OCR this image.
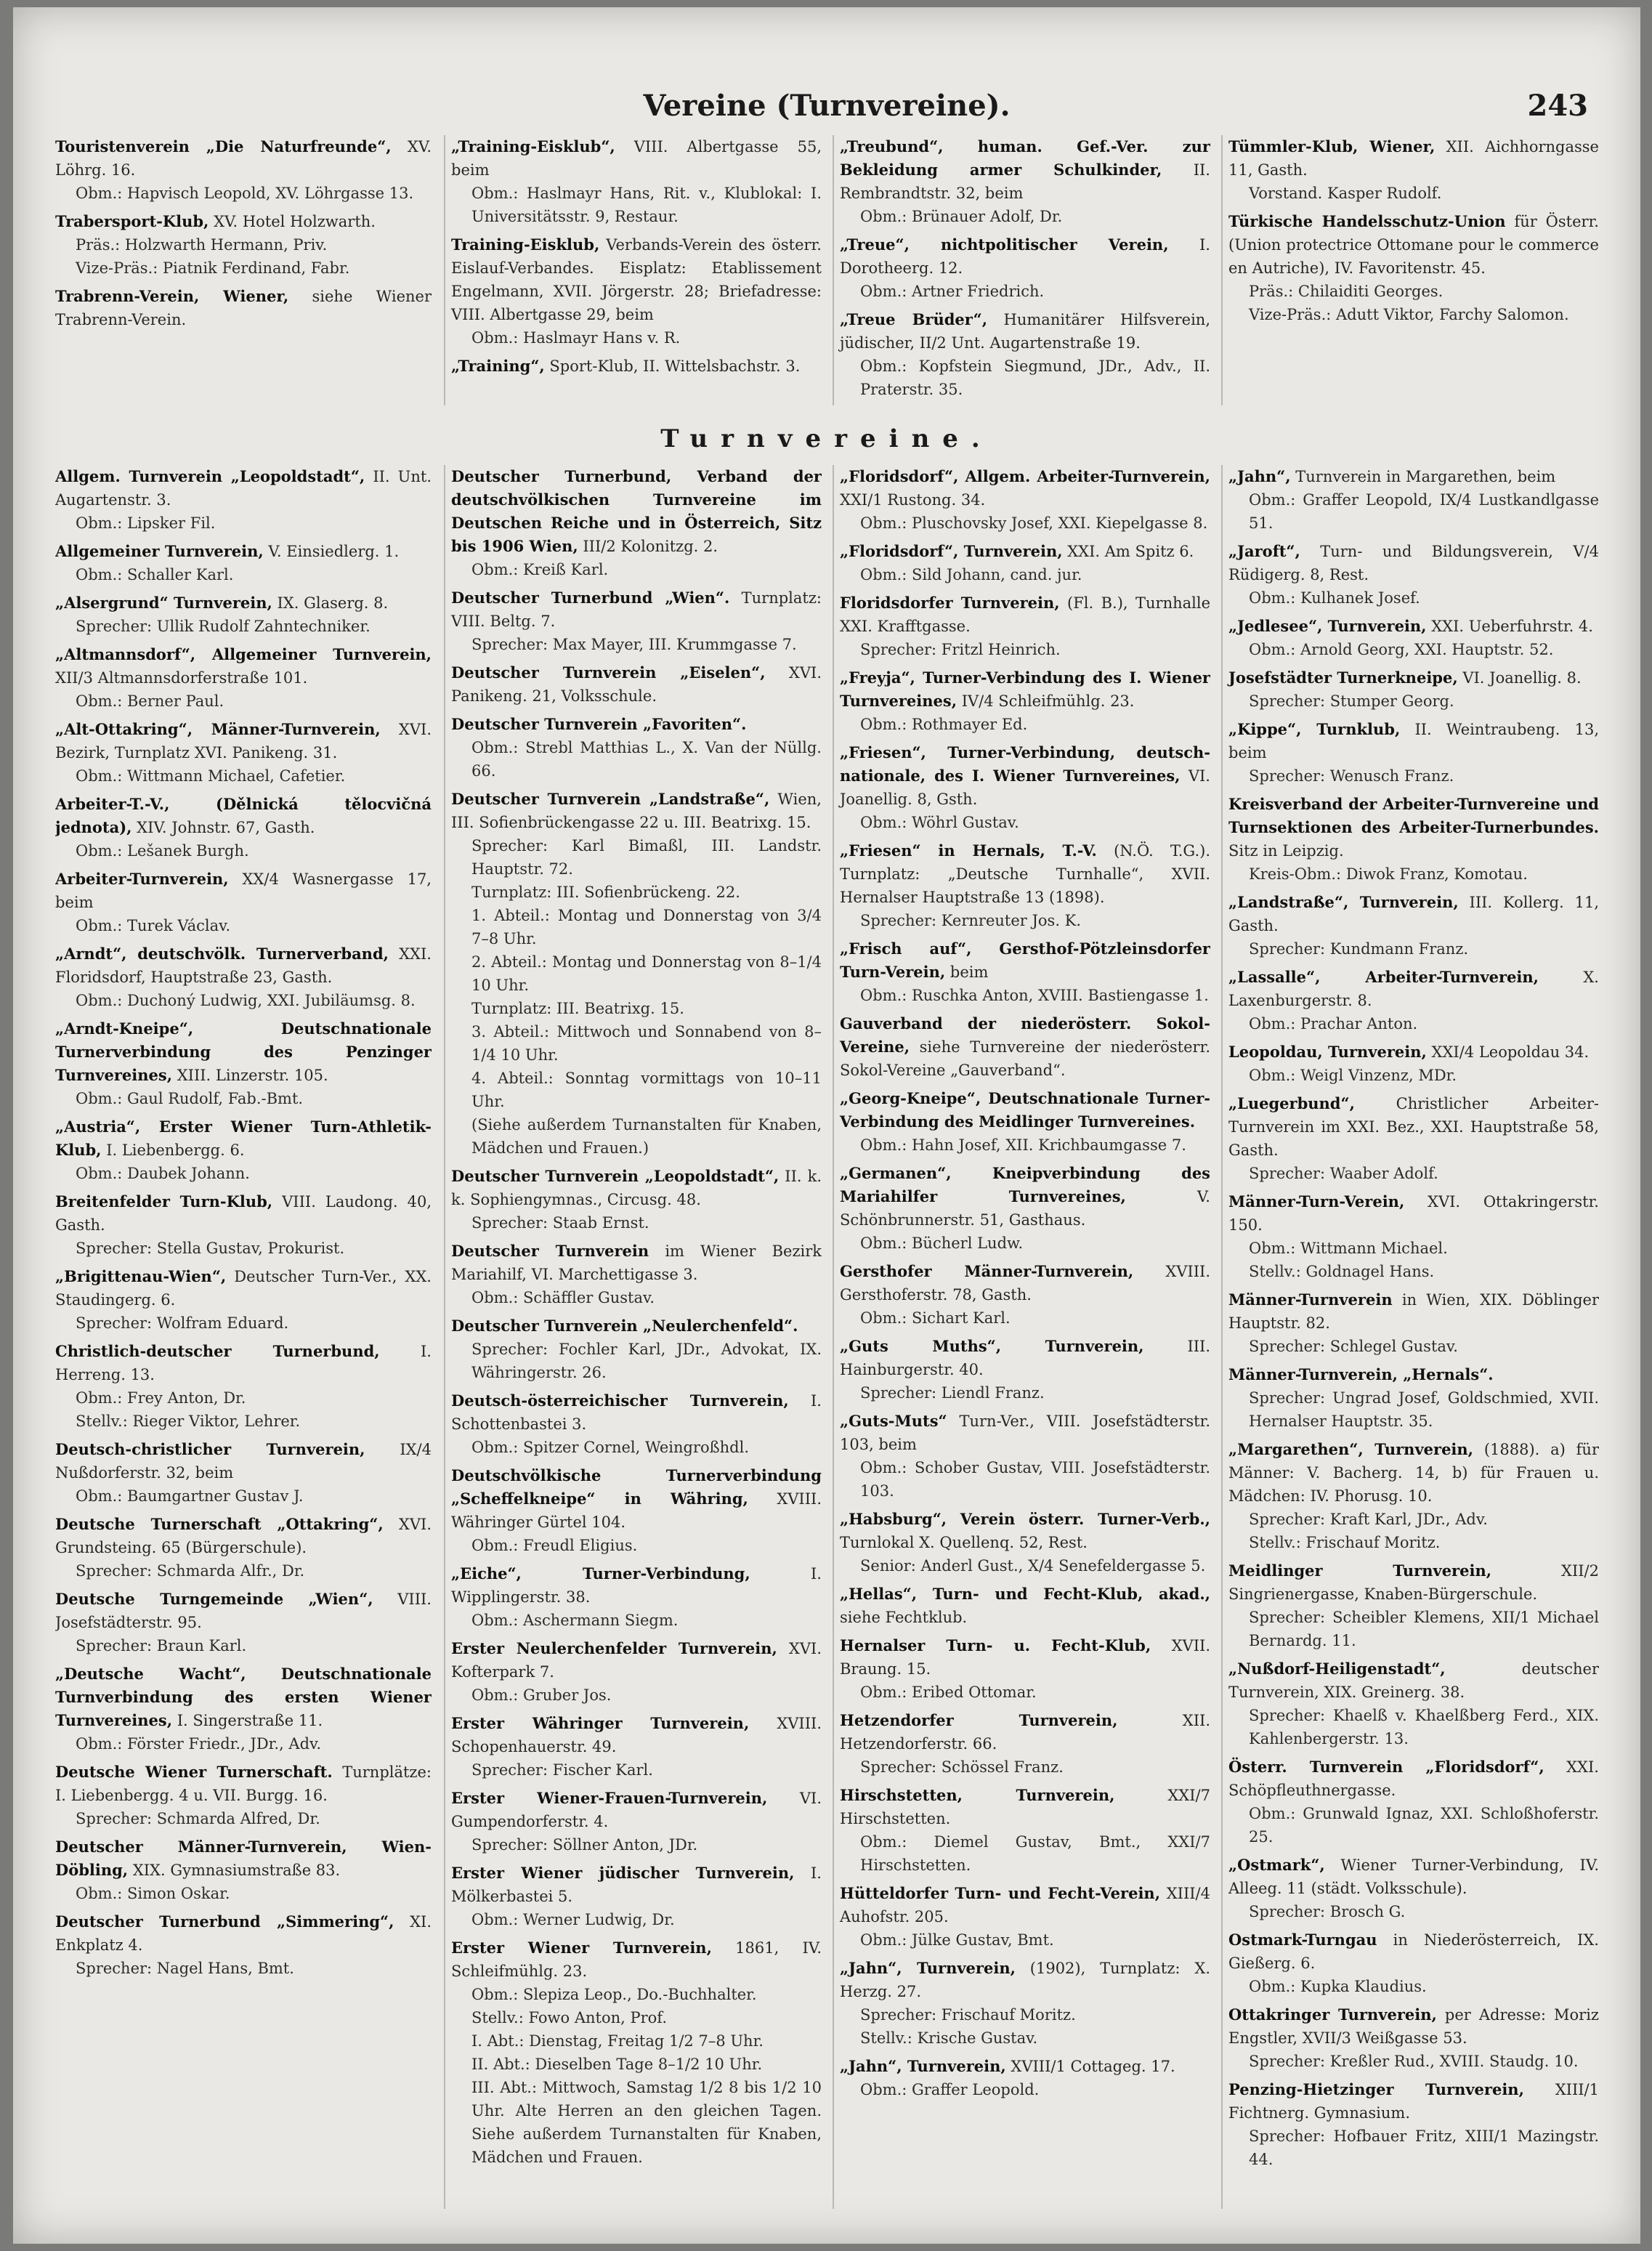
Vereine (Turnvereine).	243
Touristenverein „Die Naturfreunde“, XV. Löhrg. 16.
Obm.: Hapvisch Leopold, XV. Löhrgasse 13.
Trabersport-Klub, XV. Hotel Holzwarth.
Präs.: Holzwarth Hermann, Priv.
Vize-Präs.: Piatnik Ferdinand, Fabr.
Trabrenn-Verein, Wiener, siehe Wiener Trabrenn-Verein.
„Training-Eisklub“, VIII. Albertgasse 55, beim
Obm.: Haslmayr Hans, Rit. v., Klublokal: I. Universitätsstr. 9, Restaur.
Training-Eisklub, Verbands-Verein des österr. Eislauf-Verbandes. Eisplatz: Etablissement Engelmann, XVII. Jörgerstr. 28; Briefadresse: VIII. Albertgasse 29, beim
Obm.: Haslmayr Hans v. R.
„Training“, Sport-Klub, II. Wittelsbachstr. 3.
„Treubund“, human. Gef.-Ver. zur Bekleidung armer Schulkinder, II. Rembrandtstr. 32, beim
Obm.: Brünauer Adolf, Dr.
„Treue“, nichtpolitischer Verein, I. Dorotheerg. 12.
Obm.: Artner Friedrich.
„Treue Brüder“, Humanitärer Hilfsverein, jüdischer, II/2 Unt. Augartenstraße 19.
Obm.: Kopfstein Siegmund, JDr., Adv., II. Praterstr. 35.
Tümmler-Klub, Wiener, XII. Aichhorngasse 11, Gasth.
Vorstand. Kasper Rudolf.
Türkische Handelsschutz-Union für Österr. (Union protectrice Ottomane pour le commerce en Autriche), IV. Favoritenstr. 45.
Präs.: Chilaiditi Georges.
Vize-Präs.: Adutt Viktor, Farchy Salomon.
Turnvereine.
Allgem. Turnverein „Leopoldstadt“, II. Unt. Augartenstr. 3.
Obm.: Lipsker Fil.
Allgemeiner Turnverein, V. Einsiedlerg. 1.
Obm.: Schaller Karl.
„Alsergrund“ Turnverein, IX. Glaserg. 8.
Sprecher: Ullik Rudolf Zahntechniker.
„Altmannsdorf“, Allgemeiner Turnverein, XII/3 Altmannsdorferstraße 101.
Obm.: Berner Paul.
„Alt-Ottakring“, Männer-Turnverein, XVI. Bezirk, Turnplatz XVI. Panikeng. 31.
Obm.: Wittmann Michael, Cafetier.
Arbeiter-T.-V., (Dělnická tělocvičná jednota), XIV. Johnstr. 67, Gasth.
Obm.: Lešanek Burgh.
Arbeiter-Turnverein, XX/4 Wasnergasse 17, beim
Obm.: Turek Václav.
„Arndt“, deutschvölk. Turnerverband, XXI. Floridsdorf, Hauptstraße 23, Gasth.
Obm.: Duchoný Ludwig, XXI. Jubiläumsg. 8.
„Arndt-Kneipe“, Deutschnationale Turnerverbindung des Penzinger Turnvereines, XIII. Linzerstr. 105.
Obm.: Gaul Rudolf, Fab.-Bmt.
„Austria“, Erster Wiener Turn-Athletik-Klub, I. Liebenbergg. 6.
Obm.: Daubek Johann.
Breitenfelder Turn-Klub, VIII. Laudong. 40, Gasth.
Sprecher: Stella Gustav, Prokurist.
„Brigittenau-Wien“, Deutscher Turn-Ver., XX. Staudingerg. 6.
Sprecher: Wolfram Eduard.
Christlich-deutscher Turnerbund,	I. Herreng. 13.
Obm.: Frey Anton, Dr.
Stellv.: Rieger Viktor, Lehrer.
Deutsch-christlicher Turnverein, IX/4 Nußdorferstr. 32, beim
Obm.: Baumgartner Gustav J.
Deutsche Turnerschaft „Ottakring“, XVI. Grundsteing. 65 (Bürgerschule).
Sprecher: Schmarda Alfr., Dr.
Deutsche Turngemeinde „Wien“, VIII. Josefstädterstr. 95.
Sprecher: Braun Karl.
„Deutsche Wacht“, Deutschnationale Turnverbindung des ersten Wiener Turnvereines, I. Singerstraße 11.
Obm.: Förster Friedr., JDr., Adv.
Deutsche Wiener Turnerschaft. Turnplätze: I. Liebenbergg. 4 u. VII. Burgg. 16.
Sprecher: Schmarda Alfred, Dr.
Deutscher Männer-Turnverein, Wien-Döbling, XIX. Gymnasiumstraße 83.
Obm.: Simon Oskar.
Deutscher Turnerbund „Simmering“, XI. Enkplatz 4.
Sprecher: Nagel Hans, Bmt.
Deutscher Turnerbund, Verband der deutschvölkischen Turnvereine im Deutschen Reiche und in Österreich, Sitz bis 1906 Wien, III/2 Kolonitzg. 2.
Obm.: Kreiß Karl.
Deutscher Turnerbund „Wien“. Turnplatz: VIII. Beltg. 7.
Sprecher: Max Mayer, III. Krummgasse 7.
Deutscher Turnverein „Eiselen“, XVI. Panikeng. 21, Volksschule.
Deutscher Turnverein „Favoriten“.
Obm.: Strebl Matthias L., X. Van der Nüllg. 66.
Deutscher Turnverein „Landstraße“, Wien, III. Sofienbrückengasse 22 u. III. Beatrixg. 15.
Sprecher: Karl Bimaßl, III. Landstr. Hauptstr. 72.
Turnplatz: III. Sofienbrückeng. 22.
1. Abteil.: Montag und Donnerstag von 3/4 7–8 Uhr.
2. Abteil.: Montag und Donnerstag von 8–1/4 10 Uhr.
Turnplatz: III. Beatrixg. 15.
3. Abteil.: Mittwoch und Sonnabend von 8–1/4 10 Uhr.
4. Abteil.: Sonntag vormittags von 10–11 Uhr.
(Siehe außerdem Turnanstalten für Knaben, Mädchen und Frauen.)
Deutscher Turnverein „Leopoldstadt“, II. k. k. Sophiengymnas., Circusg. 48.
Sprecher: Staab Ernst.
Deutscher Turnverein im Wiener Bezirk Mariahilf, VI. Marchettigasse 3.
Obm.: Schäffler Gustav.
Deutscher Turnverein „Neulerchenfeld“.
Sprecher: Fochler Karl, JDr., Advokat, IX. Währingerstr. 26.
Deutsch-österreichischer Turnverein, I. Schottenbastei 3.
Obm.: Spitzer Cornel, Weingroßhdl.
Deutschvölkische Turnerverbindung „Scheffelkneipe“ in Währing, XVIII. Währinger Gürtel 104.
Obm.: Freudl Eligius.
„Eiche“, Turner-Verbindung,	I. Wipplingerstr. 38.
Obm.: Aschermann Siegm.
Erster Neulerchenfelder Turnverein, XVI. Kofterpark 7.
Obm.: Gruber Jos.
Erster Währinger Turnverein, XVIII. Schopenhauerstr. 49.
Sprecher: Fischer Karl.
Erster Wiener-Frauen-Turnverein, VI. Gumpendorferstr. 4.
Sprecher: Söllner Anton, JDr.
Erster Wiener jüdischer Turnverein, I. Mölkerbastei 5.
Obm.: Werner Ludwig, Dr.
Erster Wiener Turnverein, 1861, IV. Schleifmühlg. 23.
Obm.: Slepiza Leop., Do.-Buchhalter.
Stellv.: Fowo Anton, Prof.
I. Abt.: Dienstag, Freitag 1/2 7–8 Uhr.
II. Abt.: Dieselben Tage 8–1/2 10 Uhr.
III. Abt.: Mittwoch, Samstag 1/2 8 bis 1/2 10 Uhr. Alte Herren an den gleichen Tagen. Siehe außerdem Turnanstalten für Knaben, Mädchen und Frauen.
„Floridsdorf“, Allgem. Arbeiter-Turnverein, XXI/1 Rustong. 34.
Obm.: Pluschovsky Josef, XXI. Kiepelgasse 8.
„Floridsdorf“, Turnverein, XXI. Am Spitz 6.
Obm.: Sild Johann, cand. jur.
Floridsdorfer Turnverein, (Fl. B.), Turnhalle XXI. Krafftgasse.
Sprecher: Fritzl Heinrich.
„Freyja“, Turner-Verbindung des I. Wiener Turnvereines, IV/4 Schleifmühlg. 23.
Obm.: Rothmayer Ed.
„Friesen“, Turner-Verbindung, deutsch-nationale, des I. Wiener Turnvereines, VI. Joanellig. 8, Gsth.
Obm.: Wöhrl Gustav.
„Friesen“ in Hernals, T.-V. (N.Ö. T.G.). Turnplatz: „Deutsche Turnhalle“, XVII. Hernalser Hauptstraße 13 (1898).
Sprecher: Kernreuter Jos. K.
„Frisch auf“, Gersthof-Pötzleinsdorfer Turn-Verein, beim
Obm.: Ruschka Anton, XVIII. Bastiengasse 1.
Gauverband der niederösterr. Sokol-Vereine, siehe Turnvereine der niederösterr. Sokol-Vereine „Gauverband“.
„Georg-Kneipe“, Deutschnationale Turner-Verbindung des Meidlinger Turnvereines.
Obm.: Hahn Josef, XII. Krichbaumgasse 7.
„Germanen“, Kneipverbindung des Mariahilfer Turnvereines,	V. Schönbrunnerstr. 51, Gasthaus.
Obm.: Bücherl Ludw.
Gersthofer Männer-Turnverein, XVIII. Gersthoferstr. 78, Gasth.
Obm.: Sichart Karl.
„Guts Muths“, Turnverein,	III. Hainburgerstr. 40.
Sprecher: Liendl Franz.
„Guts-Muts“ Turn-Ver., VIII. Josefstädterstr. 103, beim
Obm.: Schober Gustav, VIII. Josefstädterstr. 103.
„Habsburg“, Verein österr. Turner-Verb., Turnlokal X. Quellenq. 52, Rest.
Senior: Anderl Gust., X/4 Senefeldergasse 5.
„Hellas“, Turn- und Fecht-Klub, akad., siehe Fechtklub.
Hernalser Turn- u. Fecht-Klub, XVII. Braung. 15.
Obm.: Eribed Ottomar.
Hetzendorfer Turnverein,	XII. Hetzendorferstr. 66.
Sprecher: Schössel Franz.
Hirschstetten, Turnverein,	XXI/7 Hirschstetten.
Obm.: Diemel Gustav, Bmt., XXI/7 Hirschstetten.
Hütteldorfer Turn- und Fecht-Verein, XIII/4 Auhofstr. 205.
Obm.: Jülke Gustav, Bmt.
„Jahn“, Turnverein, (1902), Turnplatz: X. Herzg. 27.
Sprecher: Frischauf Moritz.
Stellv.: Krische Gustav.
„Jahn“, Turnverein, XVIII/1 Cottageg. 17.
Obm.: Graffer Leopold.
„Jahn“, Turnverein in Margarethen, beim
Obm.: Graffer Leopold, IX/4 Lustkandlgasse 51.
„Jaroft“, Turn- und Bildungsverein, V/4 Rüdigerg. 8, Rest.
Obm.: Kulhanek Josef.
„Jedlesee“, Turnverein, XXI. Ueberfuhrstr. 4.
Obm.: Arnold Georg, XXI. Hauptstr. 52.
Josefstädter Turnerkneipe, VI. Joanellig. 8.
Sprecher: Stumper Georg.
„Kippe“, Turnklub, II. Weintraubeng. 13, beim
Sprecher: Wenusch Franz.
Kreisverband der Arbeiter-Turnvereine und Turnsektionen des Arbeiter-Turnerbundes. Sitz in Leipzig.
Kreis-Obm.: Diwok Franz, Komotau.
„Landstraße“, Turnverein, III. Kollerg. 11, Gasth.
Sprecher: Kundmann Franz.
„Lassalle“, Arbeiter-Turnverein,	X. Laxenburgerstr. 8.
Obm.: Prachar Anton.
Leopoldau, Turnverein, XXI/4 Leopoldau 34.
Obm.: Weigl Vinzenz, MDr.
„Luegerbund“,	Christlicher Arbeiter-Turnverein im XXI. Bez., XXI. Hauptstraße 58, Gasth.
Sprecher: Waaber Adolf.
Männer-Turn-Verein, XVI. Ottakringerstr. 150.
Obm.: Wittmann Michael.
Stellv.: Goldnagel Hans.
Männer-Turnverein in Wien, XIX. Döblinger Hauptstr. 82.
Sprecher: Schlegel Gustav.
Männer-Turnverein, „Hernals“.
Sprecher: Ungrad Josef, Goldschmied, XVII. Hernalser Hauptstr. 35.
„Margarethen“, Turnverein, (1888). a) für Männer: V. Bacherg. 14, b) für Frauen u. Mädchen: IV. Phorusg. 10.
Sprecher: Kraft Karl, JDr., Adv.
Stellv.: Frischauf Moritz.
Meidlinger Turnverein,	XII/2 Singrienergasse, Knaben-Bürgerschule.
Sprecher: Scheibler Klemens, XII/1 Michael Bernardg. 11.
„Nußdorf-Heiligenstadt“,	deutscher Turnverein, XIX. Greinerg. 38.
Sprecher: Khaelß v. Khaelßberg Ferd., XIX. Kahlenbergerstr. 13.
Österr. Turnverein „Floridsdorf“, XXI. Schöpfleuthnergasse.
Obm.: Grunwald Ignaz, XXI. Schloßhoferstr. 25.
„Ostmark“, Wiener Turner-Verbindung, IV. Alleeg. 11 (städt. Volksschule).
Sprecher: Brosch G.
Ostmark-Turngau in Niederösterreich, IX. Gießerg. 6.
Obm.: Kupka Klaudius.
Ottakringer Turnverein, per Adresse: Moriz Engstler, XVII/3 Weißgasse 53.
Sprecher: Kreßler Rud., XVIII. Staudg. 10.
Penzing-Hietzinger Turnverein, XIII/1 Fichtnerg. Gymnasium.
Sprecher: Hofbauer Fritz, XIII/1 Mazingstr. 44.
